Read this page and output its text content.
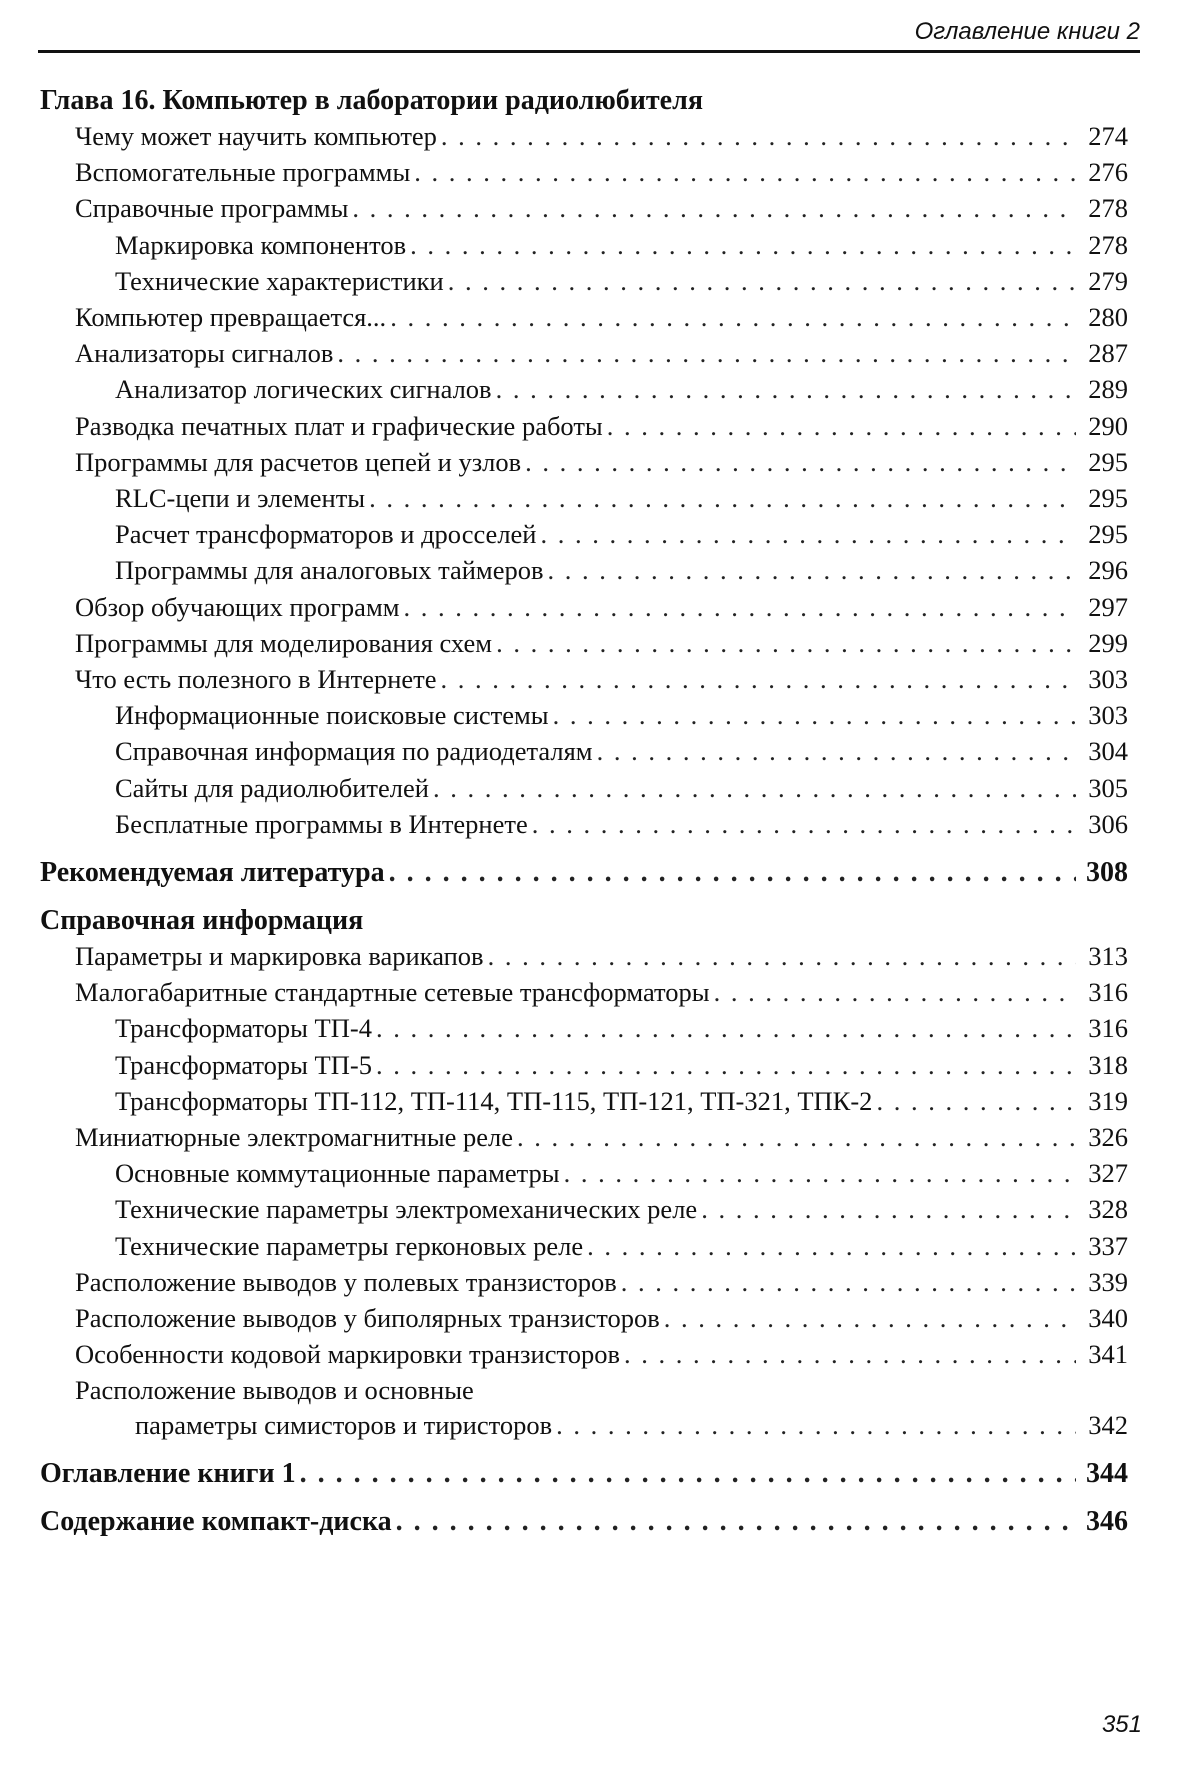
Оглавление книги 2
Глава 16. Компьютер в лаборатории радиолюбителя
Чему может научить компьютер . . .	274
Вспомогательные программы . . .	276
Справочные программы . . .	278
Маркировка компонентов . . .	278
Технические характеристики . . .	279
Компьютер превращается... . . .	280
Анализаторы сигналов . . .	287
Анализатор логических сигналов . . .	289
Разводка печатных плат и графические работы . . .	290
Программы для расчетов цепей и узлов . . .	295
RLC-цепи и элементы . . .	295
Расчет трансформаторов и дросселей . . .	295
Программы для аналоговых таймеров . . .	296
Обзор обучающих программ . . .	297
Программы для моделирования схем . . .	299
Что есть полезного в Интернете . . .	303
Информационные поисковые системы . . .	303
Справочная информация по радиодеталям . . .	304
Сайты для радиолюбителей . . .	305
Бесплатные программы в Интернете . . .	306
Рекомендуемая литература . . .	308
Справочная информация
Параметры и маркировка варикапов . . .	313
Малогабаритные стандартные сетевые трансформаторы . . .	316
Трансформаторы ТП-4 . . .	316
Трансформаторы ТП-5 . . .	318
Трансформаторы ТП-112, ТП-114, ТП-115, ТП-121, ТП-321, ТПК-2 . . .	319
Миниатюрные электромагнитные реле . . .	326
Основные коммутационные параметры . . .	327
Технические параметры электромеханических реле . . .	328
Технические параметры герконовых реле . . .	337
Расположение выводов у полевых транзисторов . . .	339
Расположение выводов у биполярных транзисторов . . .	340
Особенности кодовой маркировки транзисторов . . .	341
Расположение выводов и основные
параметры симисторов и тиристоров . . .	342
Оглавление книги 1 . . .	344
Содержание компакт-диска . . .	346
351
